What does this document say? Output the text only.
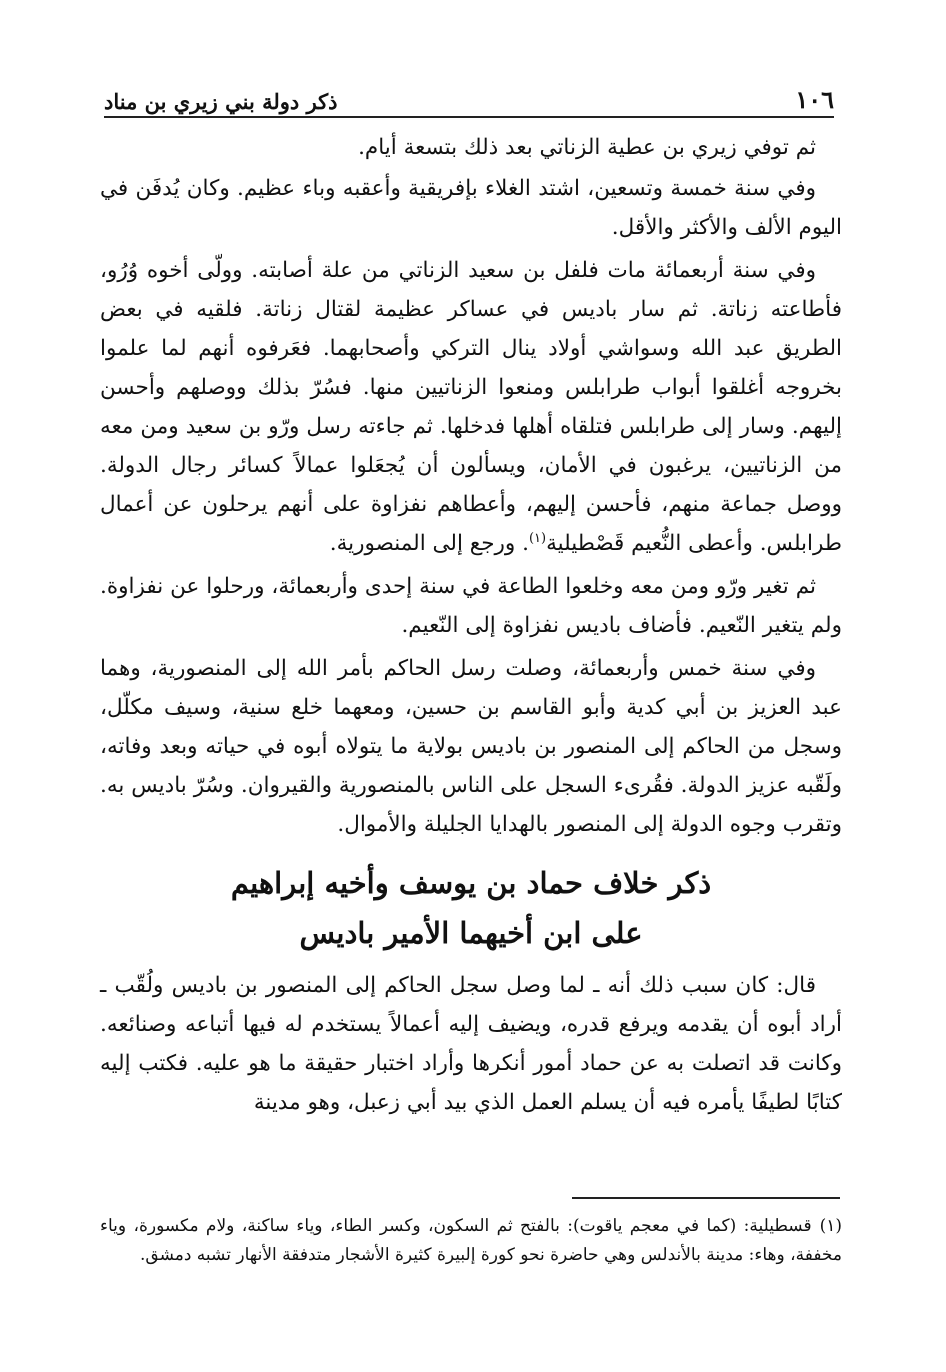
١٠٦
ذكر دولة بني زيري بن مناد

ثم توفي زيري بن عطية الزناتي بعد ذلك بتسعة أيام.

وفي سنة خمسة وتسعين، اشتد الغلاء بإفريقية وأعقبه وباء عظيم. وكان يُدفَن في اليوم الألف والأكثر والأقل.

وفي سنة أربعمائة مات فلفل بن سعيد الزناتي من علة أصابته. وولّى أخوه وُرُو، فأطاعته زناتة. ثم سار باديس في عساكر عظيمة لقتال زناتة. فلقيه في بعض الطريق عبد الله وسواشي أولاد ينال التركي وأصحابهما. فعَرفوه أنهم لما علموا بخروجه أغلقوا أبواب طرابلس ومنعوا الزناتيين منها. فسُرّ بذلك ووصلهم وأحسن إليهم. وسار إلى طرابلس فتلقاه أهلها فدخلها. ثم جاءته رسل ورّو بن سعيد ومن معه من الزناتيين، يرغبون في الأمان، ويسألون أن يُجعَلوا عمالاً كسائر رجال الدولة. ووصل جماعة منهم، فأحسن إليهم، وأعطاهم نفزاوة على أنهم يرحلون عن أعمال طرابلس. وأعطى النُّعيم قَصْطيلية$^{(١)}$. ورجع إلى المنصورية.

ثم تغير ورّو ومن معه وخلعوا الطاعة في سنة إحدى وأربعمائة، ورحلوا عن نفزاوة. ولم يتغير النّعيم. فأضاف باديس نفزاوة إلى النّعيم.

وفي سنة خمس وأربعمائة، وصلت رسل الحاكم بأمر الله إلى المنصورية، وهما عبد العزيز بن أبي كدية وأبو القاسم بن حسين، ومعهما خلع سنية، وسيف مكلّل، وسجل من الحاكم إلى المنصور بن باديس بولاية ما يتولاه أبوه في حياته وبعد وفاته، ولَقّبه عزيز الدولة. فقُرىء السجل على الناس بالمنصورية والقيروان. وسُرّ باديس به. وتقرب وجوه الدولة إلى المنصور بالهدايا الجليلة والأموال.

ذكر خلاف حماد بن يوسف وأخيه إبراهيم
على ابن أخيهما الأمير باديس

قال: كان سبب ذلك أنه ـ لما وصل سجل الحاكم إلى المنصور بن باديس ولُقّب ـ أراد أبوه أن يقدمه ويرفع قدره، ويضيف إليه أعمالاً يستخدم له فيها أتباعه وصنائعه. وكانت قد اتصلت به عن حماد أمور أنكرها وأراد اختبار حقيقة ما هو عليه. فكتب إليه كتابًا لطيفًا يأمره فيه أن يسلم العمل الذي بيد أبي زعبل، وهو مدينة

(١)قسطيلية: (كما في معجم ياقوت): بالفتح ثم السكون، وكسر الطاء، وياء ساكنة، ولام مكسورة، وياء مخففة، وهاء: مدينة بالأندلس وهي حاضرة نحو كورة إلبيرة كثيرة الأشجار متدفقة الأنهار تشبه دمشق.
